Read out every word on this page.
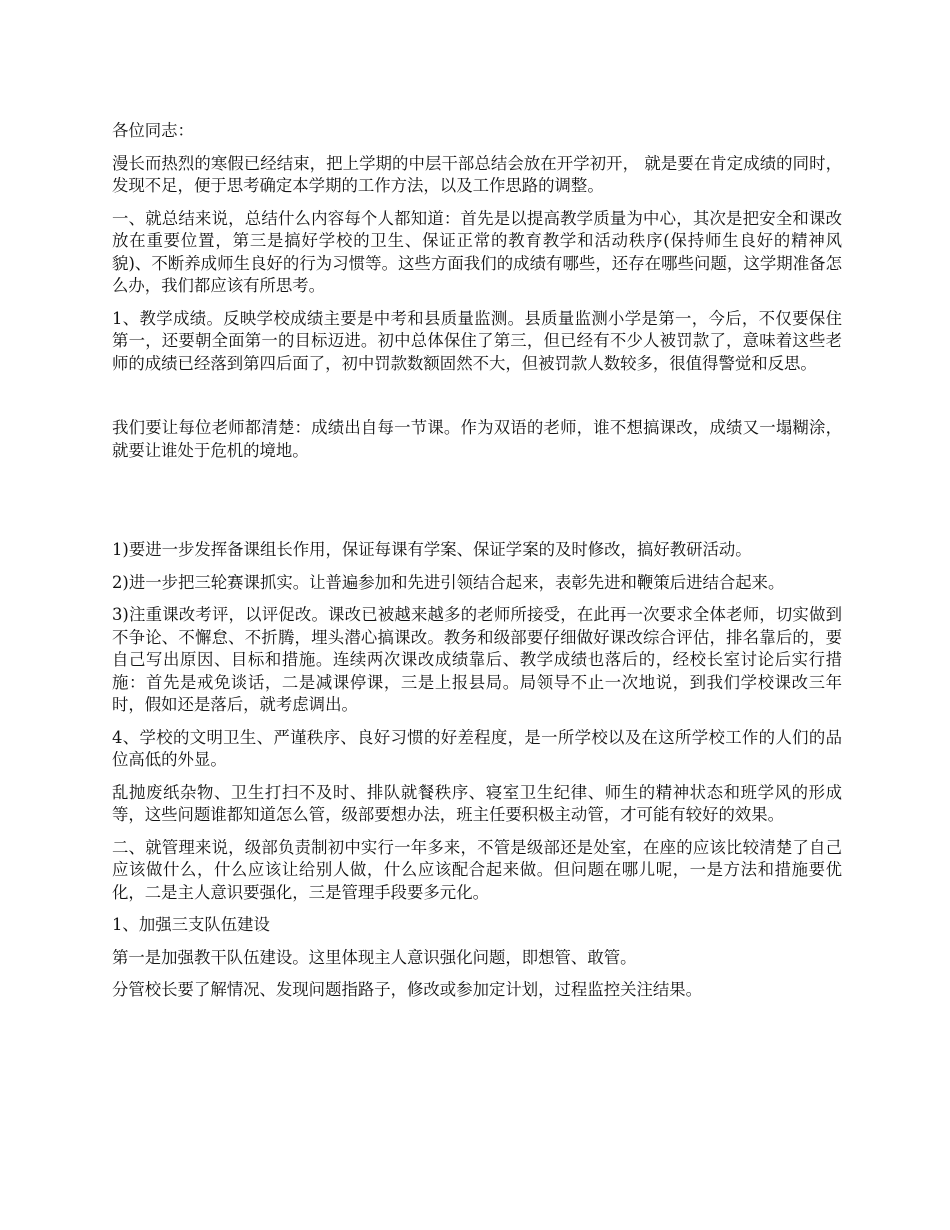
各位同志：

漫长而热烈的寒假已经结束，把上学期的中层干部总结会放在开学初开， 就是要在肯定成绩的同时，发现不足，便于思考确定本学期的工作方法，以及工作思路的调整。

一、就总结来说，总结什么内容每个人都知道：首先是以提高教学质量为中心，其次是把安全和课改放在重要位置，第三是搞好学校的卫生、保证正常的教育教学和活动秩序(保持师生良好的精神风貌)、不断养成师生良好的行为习惯等。这些方面我们的成绩有哪些，还存在哪些问题，这学期准备怎么办，我们都应该有所思考。

1、教学成绩。反映学校成绩主要是中考和县质量监测。县质量监测小学是第一，今后，不仅要保住第一，还要朝全面第一的目标迈进。初中总体保住了第三，但已经有不少人被罚款了，意味着这些老师的成绩已经落到第四后面了，初中罚款数额固然不大，但被罚款人数较多，很值得警觉和反思。

我们要让每位老师都清楚：成绩出自每一节课。作为双语的老师，谁不想搞课改，成绩又一塌糊涂，就要让谁处于危机的境地。

1)要进一步发挥备课组长作用，保证每课有学案、保证学案的及时修改，搞好教研活动。

2)进一步把三轮赛课抓实。让普遍参加和先进引领结合起来，表彰先进和鞭策后进结合起来。

3)注重课改考评，以评促改。课改已被越来越多的老师所接受，在此再一次要求全体老师，切实做到不争论、不懈怠、不折腾，埋头潜心搞课改。教务和级部要仔细做好课改综合评估，排名靠后的，要自己写出原因、目标和措施。连续两次课改成绩靠后、教学成绩也落后的，经校长室讨论后实行措施：首先是戒免谈话，二是减课停课，三是上报县局。局领导不止一次地说，到我们学校课改三年时，假如还是落后，就考虑调出。

4、学校的文明卫生、严谨秩序、良好习惯的好差程度，是一所学校以及在这所学校工作的人们的品位高低的外显。

乱抛废纸杂物、卫生打扫不及时、排队就餐秩序、寝室卫生纪律、师生的精神状态和班学风的形成等，这些问题谁都知道怎么管，级部要想办法，班主任要积极主动管，才可能有较好的效果。

二、就管理来说，级部负责制初中实行一年多来，不管是级部还是处室，在座的应该比较清楚了自己应该做什么，什么应该让给别人做，什么应该配合起来做。但问题在哪儿呢，一是方法和措施要优化，二是主人意识要强化，三是管理手段要多元化。

1、加强三支队伍建设

第一是加强教干队伍建设。这里体现主人意识强化问题，即想管、敢管。

分管校长要了解情况、发现问题指路子，修改或参加定计划，过程监控关注结果。
